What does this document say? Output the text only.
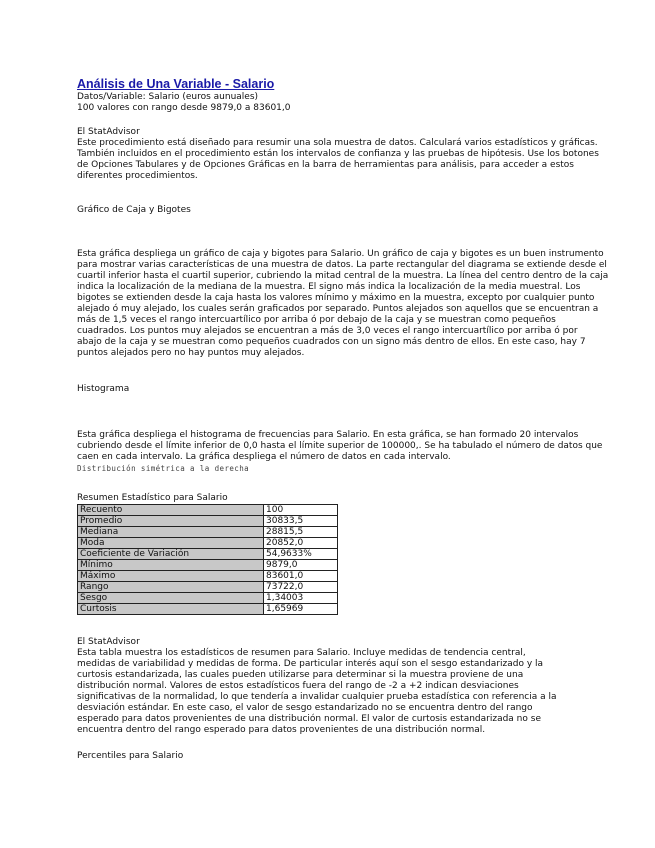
Análisis de Una Variable - Salario
Datos/Variable: Salario (euros aunuales)
100 valores con rango desde 9879,0 a 83601,0
El StatAdvisor
Este procedimiento está diseñado para resumir una sola muestra de datos. Calculará varios estadísticos y gráficas.
También incluidos en el procedimiento están los intervalos de confianza y las pruebas de hipótesis. Use los botones
de Opciones Tabulares y de Opciones Gráficas en la barra de herramientas para análisis, para acceder a estos
diferentes procedimientos.
Gráfico de Caja y Bigotes
Esta gráfica despliega un gráfico de caja y bigotes para Salario. Un gráfico de caja y bigotes es un buen instrumento
para mostrar varias características de una muestra de datos. La parte rectangular del diagrama se extiende desde el
cuartil inferior hasta el cuartil superior, cubriendo la mitad central de la muestra. La línea del centro dentro de la caja
indica la localización de la mediana de la muestra. El signo más indica la localización de la media muestral. Los
bigotes se extienden desde la caja hasta los valores mínimo y máximo en la muestra, excepto por cualquier punto
alejado ó muy alejado, los cuales serán graficados por separado. Puntos alejados son aquellos que se encuentran a
más de 1,5 veces el rango intercuartílico por arriba ó por debajo de la caja y se muestran como pequeños
cuadrados. Los puntos muy alejados se encuentran a más de 3,0 veces el rango intercuartílico por arriba ó por
abajo de la caja y se muestran como pequeños cuadrados con un signo más dentro de ellos. En este caso, hay 7
puntos alejados pero no hay puntos muy alejados.
Histograma
Esta gráfica despliega el histograma de frecuencias para Salario. En esta gráfica, se han formado 20 intervalos
cubriendo desde el límite inferior de 0,0 hasta el límite superior de 100000,. Se ha tabulado el número de datos que
caen en cada intervalo. La gráfica despliega el número de datos en cada intervalo.
Distribución simétrica a la derecha
Resumen Estadístico para Salario
Recuento	100
Promedio	30833,5
Mediana	28815,5
Moda	20852,0
Coeficiente de Variación	54,9633%
Mínimo	9879,0
Máximo	83601,0
Rango	73722,0
Sesgo	1,34003
Curtosis	1,65969
El StatAdvisor
Esta tabla muestra los estadísticos de resumen para Salario. Incluye medidas de tendencia central,
medidas de variabilidad y medidas de forma. De particular interés aquí son el sesgo estandarizado y la
curtosis estandarizada, las cuales pueden utilizarse para determinar si la muestra proviene de una
distribución normal. Valores de estos estadísticos fuera del rango de -2 a +2 indican desviaciones
significativas de la normalidad, lo que tendería a invalidar cualquier prueba estadística con referencia a la
desviación estándar. En este caso, el valor de sesgo estandarizado no se encuentra dentro del rango
esperado para datos provenientes de una distribución normal. El valor de curtosis estandarizada no se
encuentra dentro del rango esperado para datos provenientes de una distribución normal.
Percentiles para Salario
